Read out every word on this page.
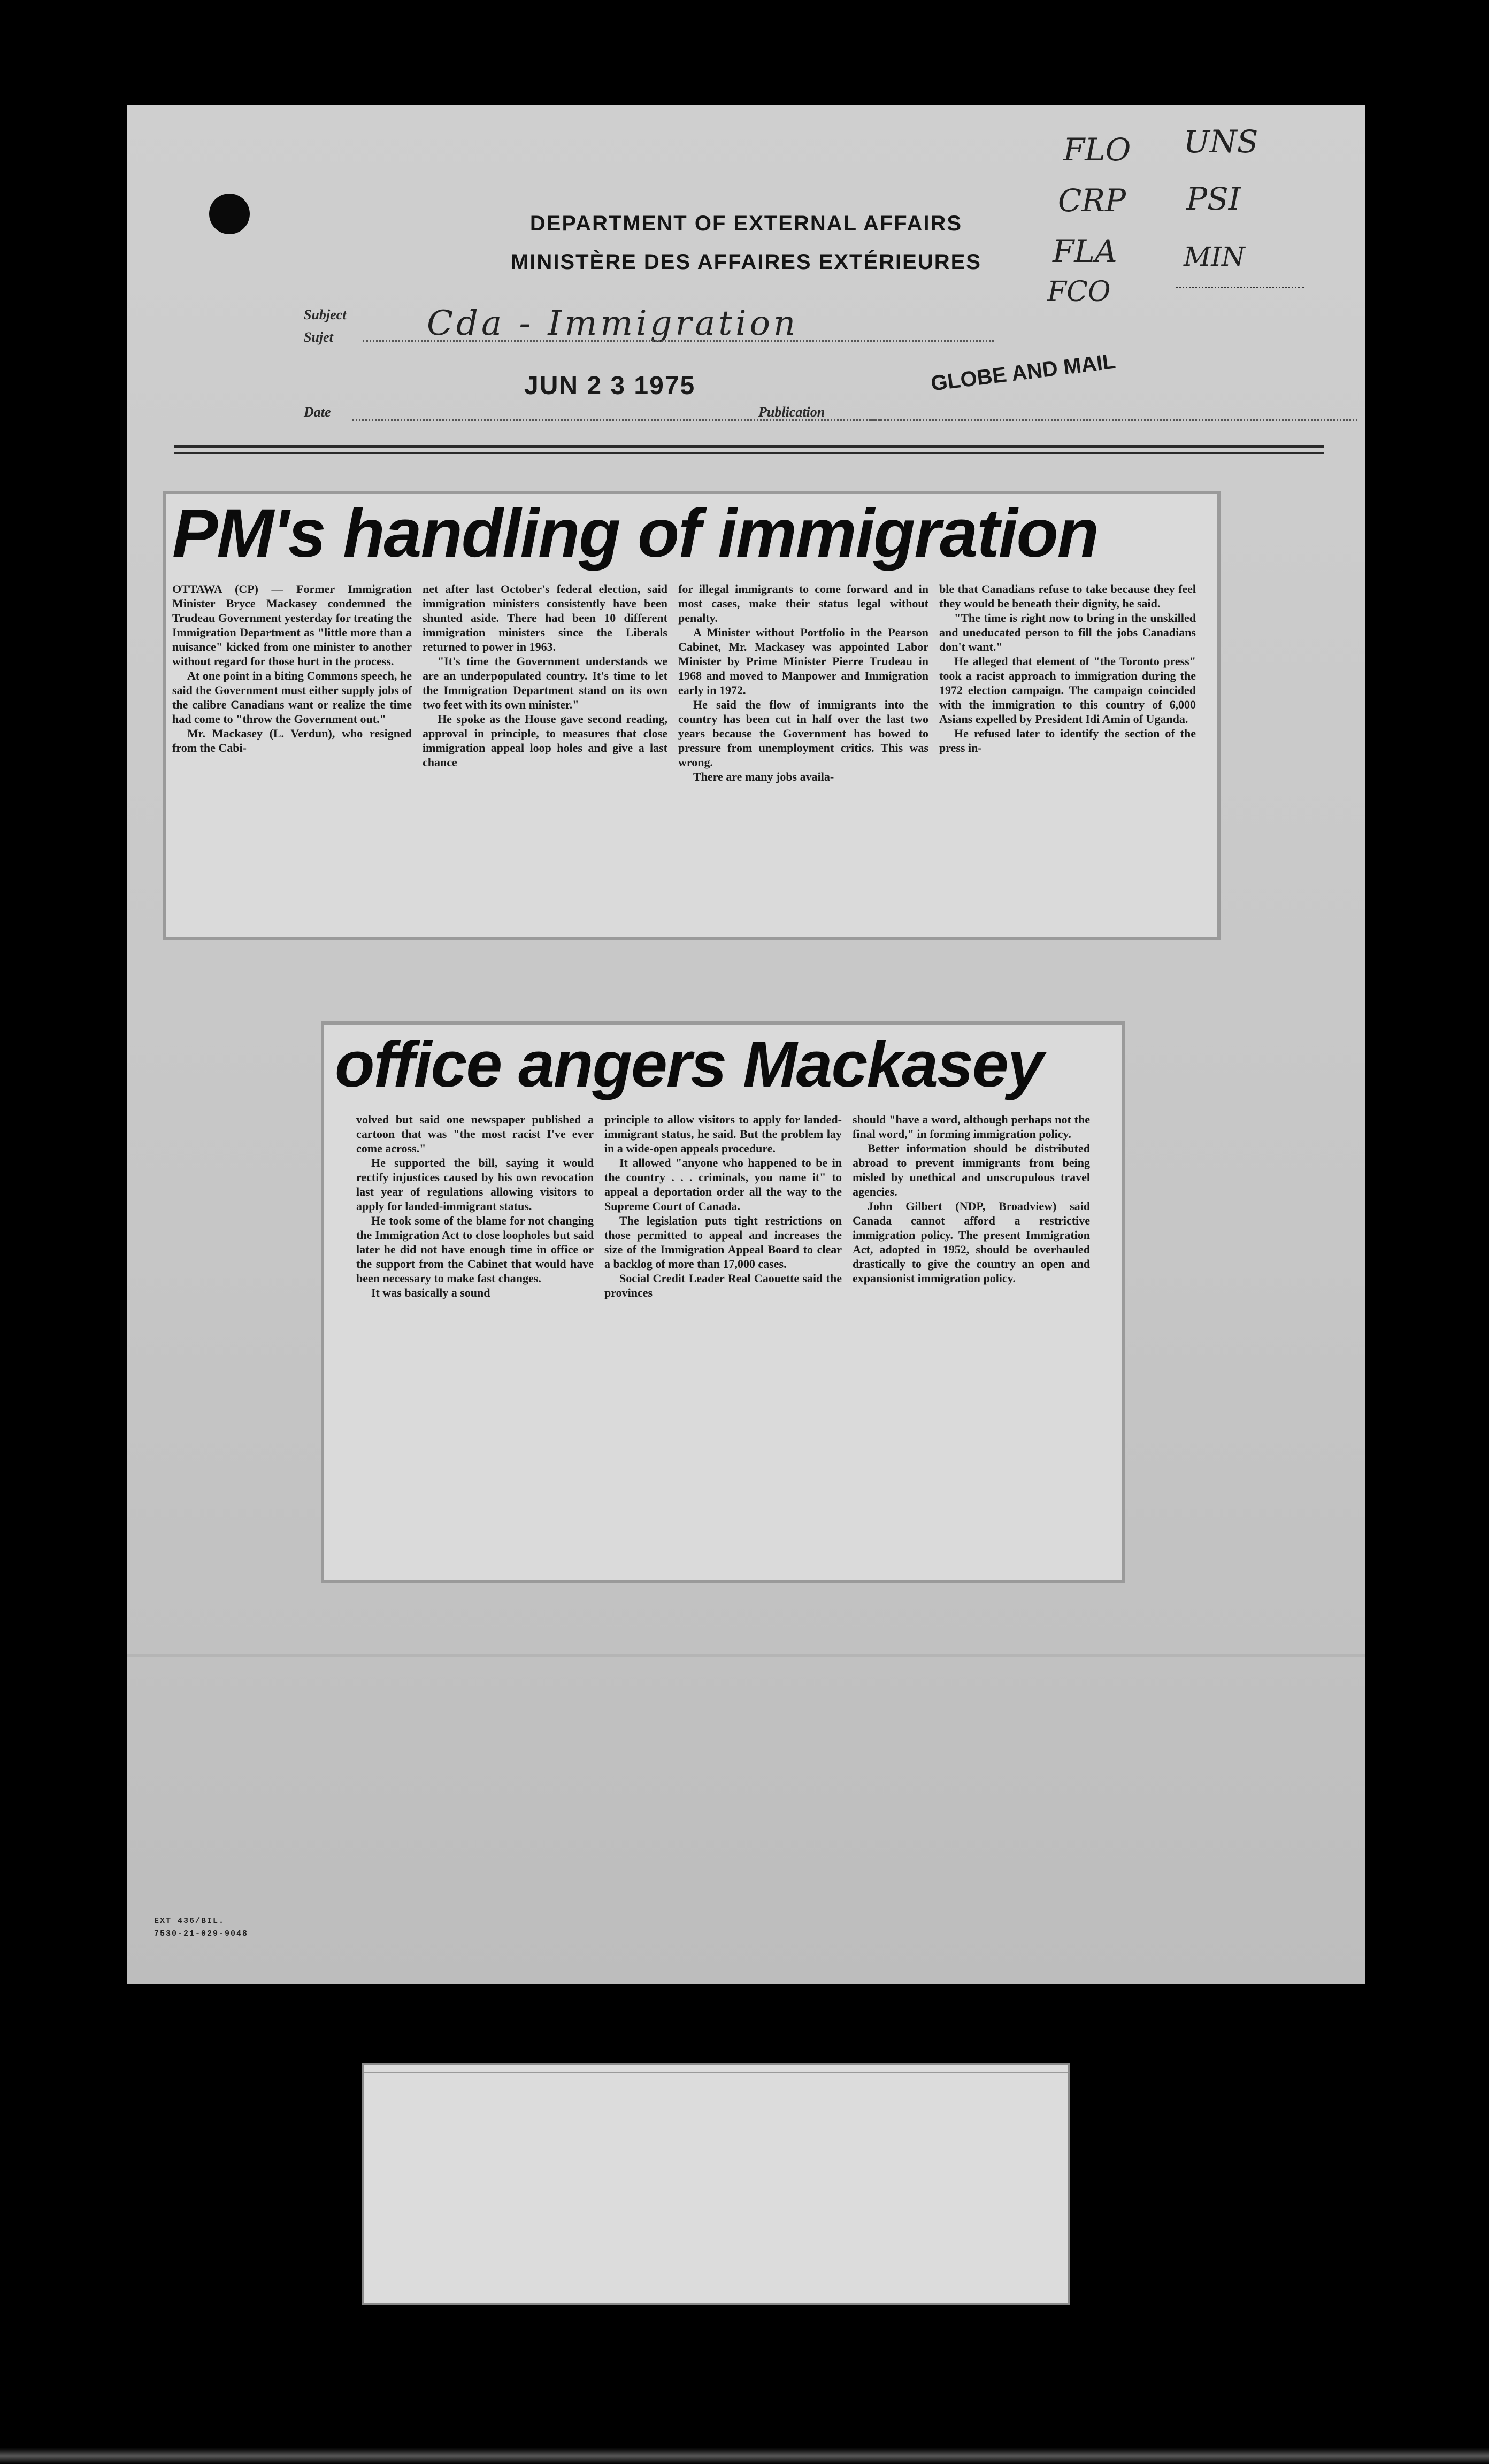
DEPARTMENT OF EXTERNAL AFFAIRS
MINISTÈRE DES AFFAIRES EXTÉRIEURES
FLO UNS
CRP PSI
FLA MIN
FCO
Subject
Sujet	Cda - Immigration
JUN 2 3 1975
Date	Publication
GLOBE AND MAIL
PM's handling of immigration

OTTAWA (CP) — Former Immigration Minister Bryce Mackasey condemned the Trudeau Government yesterday for treating the Immigration Department as "little more than a nuisance" kicked from one minister to another without regard for those hurt in the process.

At one point in a biting Commons speech, he said the Government must either supply jobs of the calibre Canadians want or realize the time had come to "throw the Government out."

Mr. Mackasey (L. Verdun), who resigned from the Cabi-

net after last October's federal election, said immigration ministers consistently have been shunted aside. There had been 10 different immigration ministers since the Liberals returned to power in 1963.

"It's time the Government understands we are an underpopulated country. It's time to let the Immigration Department stand on its own two feet with its own minister."

He spoke as the House gave second reading, approval in principle, to measures that close immigration appeal loop holes and give a last chance

for illegal immigrants to come forward and in most cases, make their status legal without penalty.

A Minister without Portfolio in the Pearson Cabinet, Mr. Mackasey was appointed Labor Minister by Prime Minister Pierre Trudeau in 1968 and moved to Manpower and Immigration early in 1972.

He said the flow of immigrants into the country has been cut in half over the last two years because the Government has bowed to pressure from unemployment critics. This was wrong.

There are many jobs availa-

ble that Canadians refuse to take because they feel they would be beneath their dignity, he said.

"The time is right now to bring in the unskilled and uneducated person to fill the jobs Canadians don't want."

He alleged that element of "the Toronto press" took a racist approach to immigration during the 1972 election campaign. The campaign coincided with the immigration to this country of 6,000 Asians expelled by President Idi Amin of Uganda.

He refused later to identify the section of the press in-

office angers Mackasey

volved but said one newspaper published a cartoon that was "the most racist I've ever come across."

He supported the bill, saying it would rectify injustices caused by his own revocation last year of regulations allowing visitors to apply for landed-immigrant status.

He took some of the blame for not changing the Immigration Act to close loopholes but said later he did not have enough time in office or the support from the Cabinet that would have been necessary to make fast changes.

It was basically a sound

principle to allow visitors to apply for landed-immigrant status, he said. But the problem lay in a wide-open appeals procedure.

It allowed "anyone who happened to be in the country . . . criminals, you name it" to appeal a deportation order all the way to the Supreme Court of Canada.

The legislation puts tight restrictions on those permitted to appeal and increases the size of the Immigration Appeal Board to clear a backlog of more than 17,000 cases.

Social Credit Leader Real Caouette said the provinces

should "have a word, although perhaps not the final word," in forming immigration policy.

Better information should be distributed abroad to prevent immigrants from being misled by unethical and unscrupulous travel agencies.

John Gilbert (NDP, Broadview) said Canada cannot afford a restrictive immigration policy. The present Immigration Act, adopted in 1952, should be overhauled drastically to give the country an open and expansionist immigration policy.

EXT 436/BIL.
7530-21-029-9048
